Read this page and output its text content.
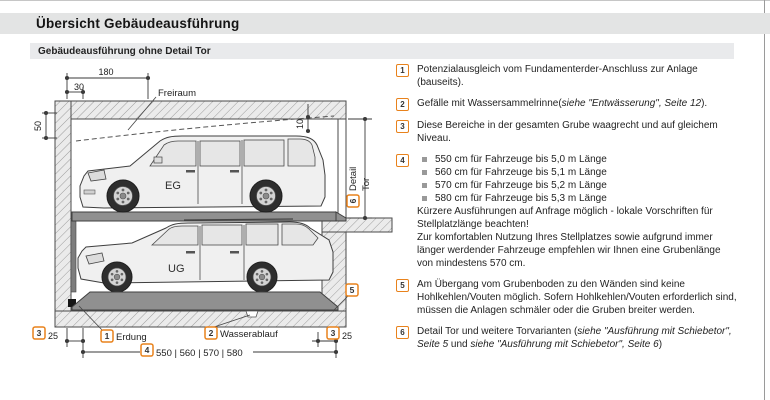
Übersicht Gebäudeausführung
Gebäudeausführung ohne Detail Tor
Freiraum
EG
UG
180
30
50	10
25	25
550 | 560 | 570 | 580
3	1	2	3
4
5
6
Detail Tor
Erdung	Wasserablauf
1	Potenzialausgleich vom Fundamenterder-Anschluss zur Anlage (bauseits).
2	Gefälle mit Wassersammelrinne(siehe "Entwässerung", Seite 12).
3	Diese Bereiche in der gesamten Grube waagrecht und auf gleichem Niveau.
4	550 cm für Fahrzeuge bis 5,0 m Länge
560 cm für Fahrzeuge bis 5,1 m Länge
570 cm für Fahrzeuge bis 5,2 m Länge
580 cm für Fahrzeuge bis 5,3 m Länge
Kürzere Ausführungen auf Anfrage möglich - lokale Vorschriften für Stellplatzlänge beachten!
Zur komfortablen Nutzung Ihres Stellplatzes sowie aufgrund immer länger werdender Fahrzeuge empfehlen wir Ihnen eine Grubenlänge von mindestens 570 cm.
5	Am Übergang vom Grubenboden zu den Wänden sind keine Hohlkehlen/Vouten möglich. Sofern Hohlkehlen/Vouten erforderlich sind, müssen die Anlagen schmäler oder die Gruben breiter werden.
6	Detail Tor und weitere Torvarianten (siehe "Ausführung mit Schiebetor", Seite 5 und siehe "Ausführung mit Schiebetor", Seite 6)
